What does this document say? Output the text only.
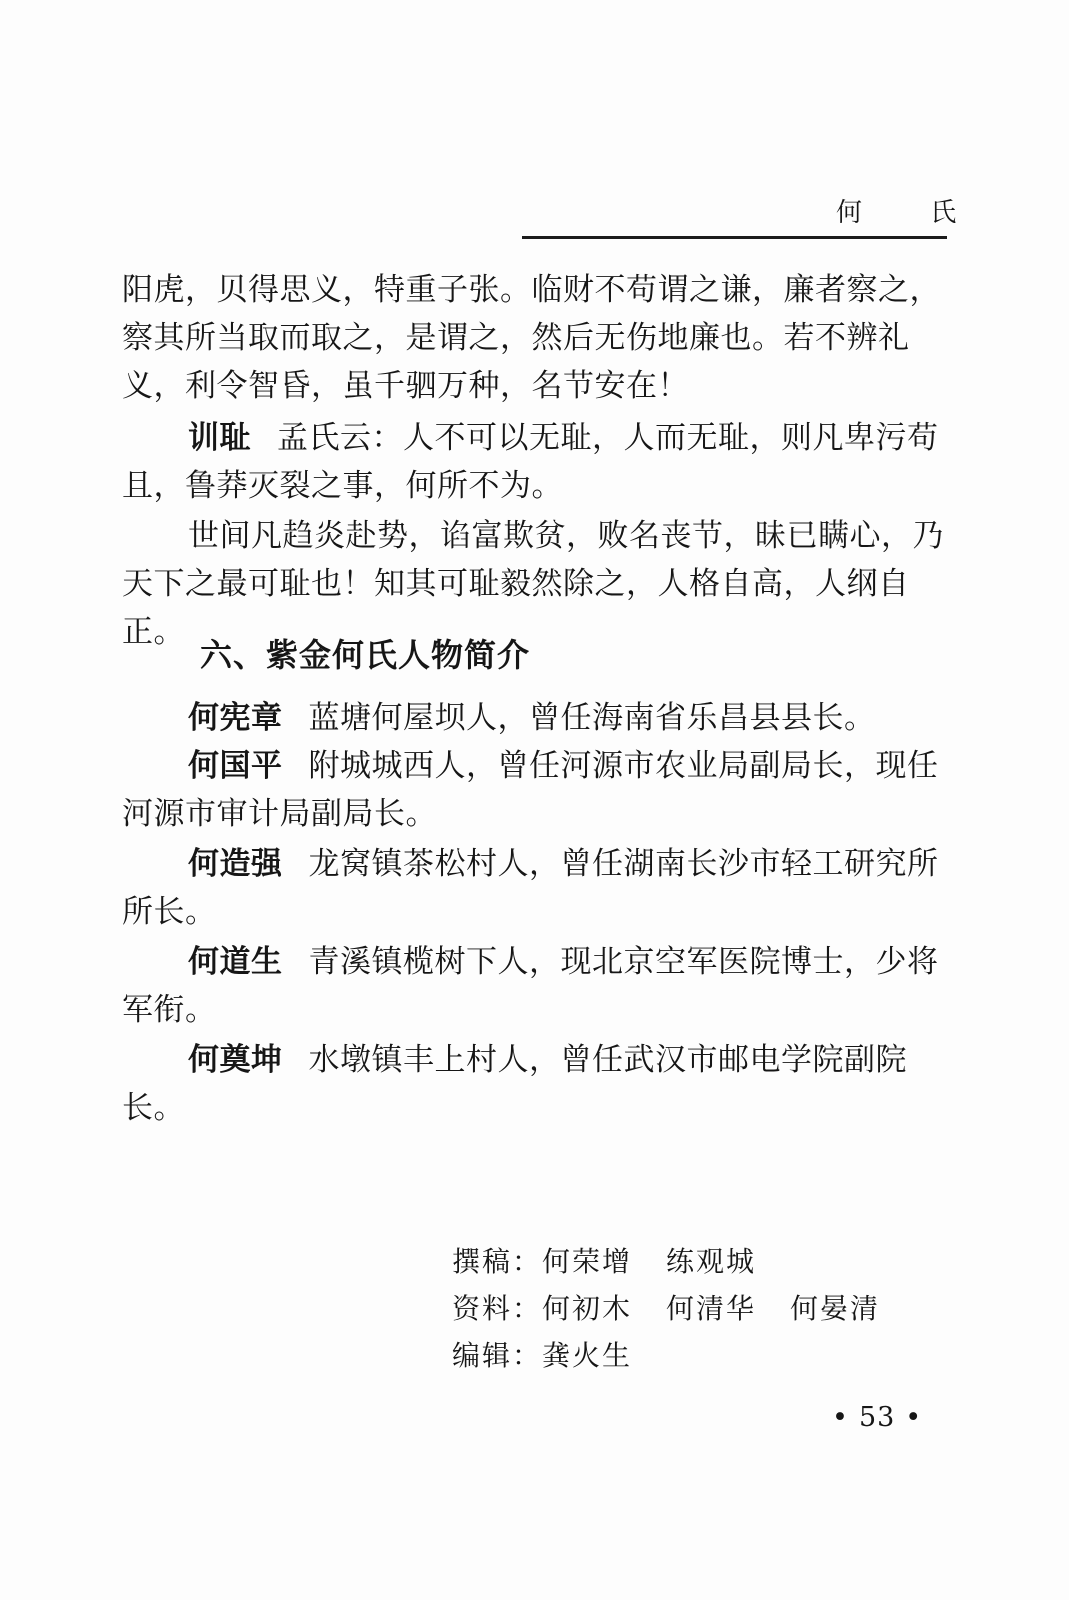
何 氏

阳虎，贝得思义，特重子张。临财不苟谓之谦，廉者察之，察其所当取而取之，是谓之，然后无伤地廉也。若不辨礼义，利令智昏，虽千驷万种，名节安在！

训耻 孟氏云：人不可以无耻，人而无耻，则凡卑污苟且，鲁莽灭裂之事，何所不为。

世间凡趋炎赴势，谄富欺贫，败名丧节，昧已瞒心，乃天下之最可耻也！知其可耻毅然除之，人格自高，人纲自正。

六、紫金何氏人物简介

何宪章 蓝塘何屋坝人，曾任海南省乐昌县县长。

何国平 附城城西人，曾任河源市农业局副局长，现任河源市审计局副局长。

何造强 龙窝镇茶松村人，曾任湖南长沙市轻工研究所所长。

何道生 青溪镇榄树下人，现北京空军医院博士，少将军衔。

何奠坤 水墩镇丰上村人，曾任武汉市邮电学院副院长。

撰稿：何荣增 练观城
资料：何初木 何清华 何晏清
编辑：龚火生
• 53 •
